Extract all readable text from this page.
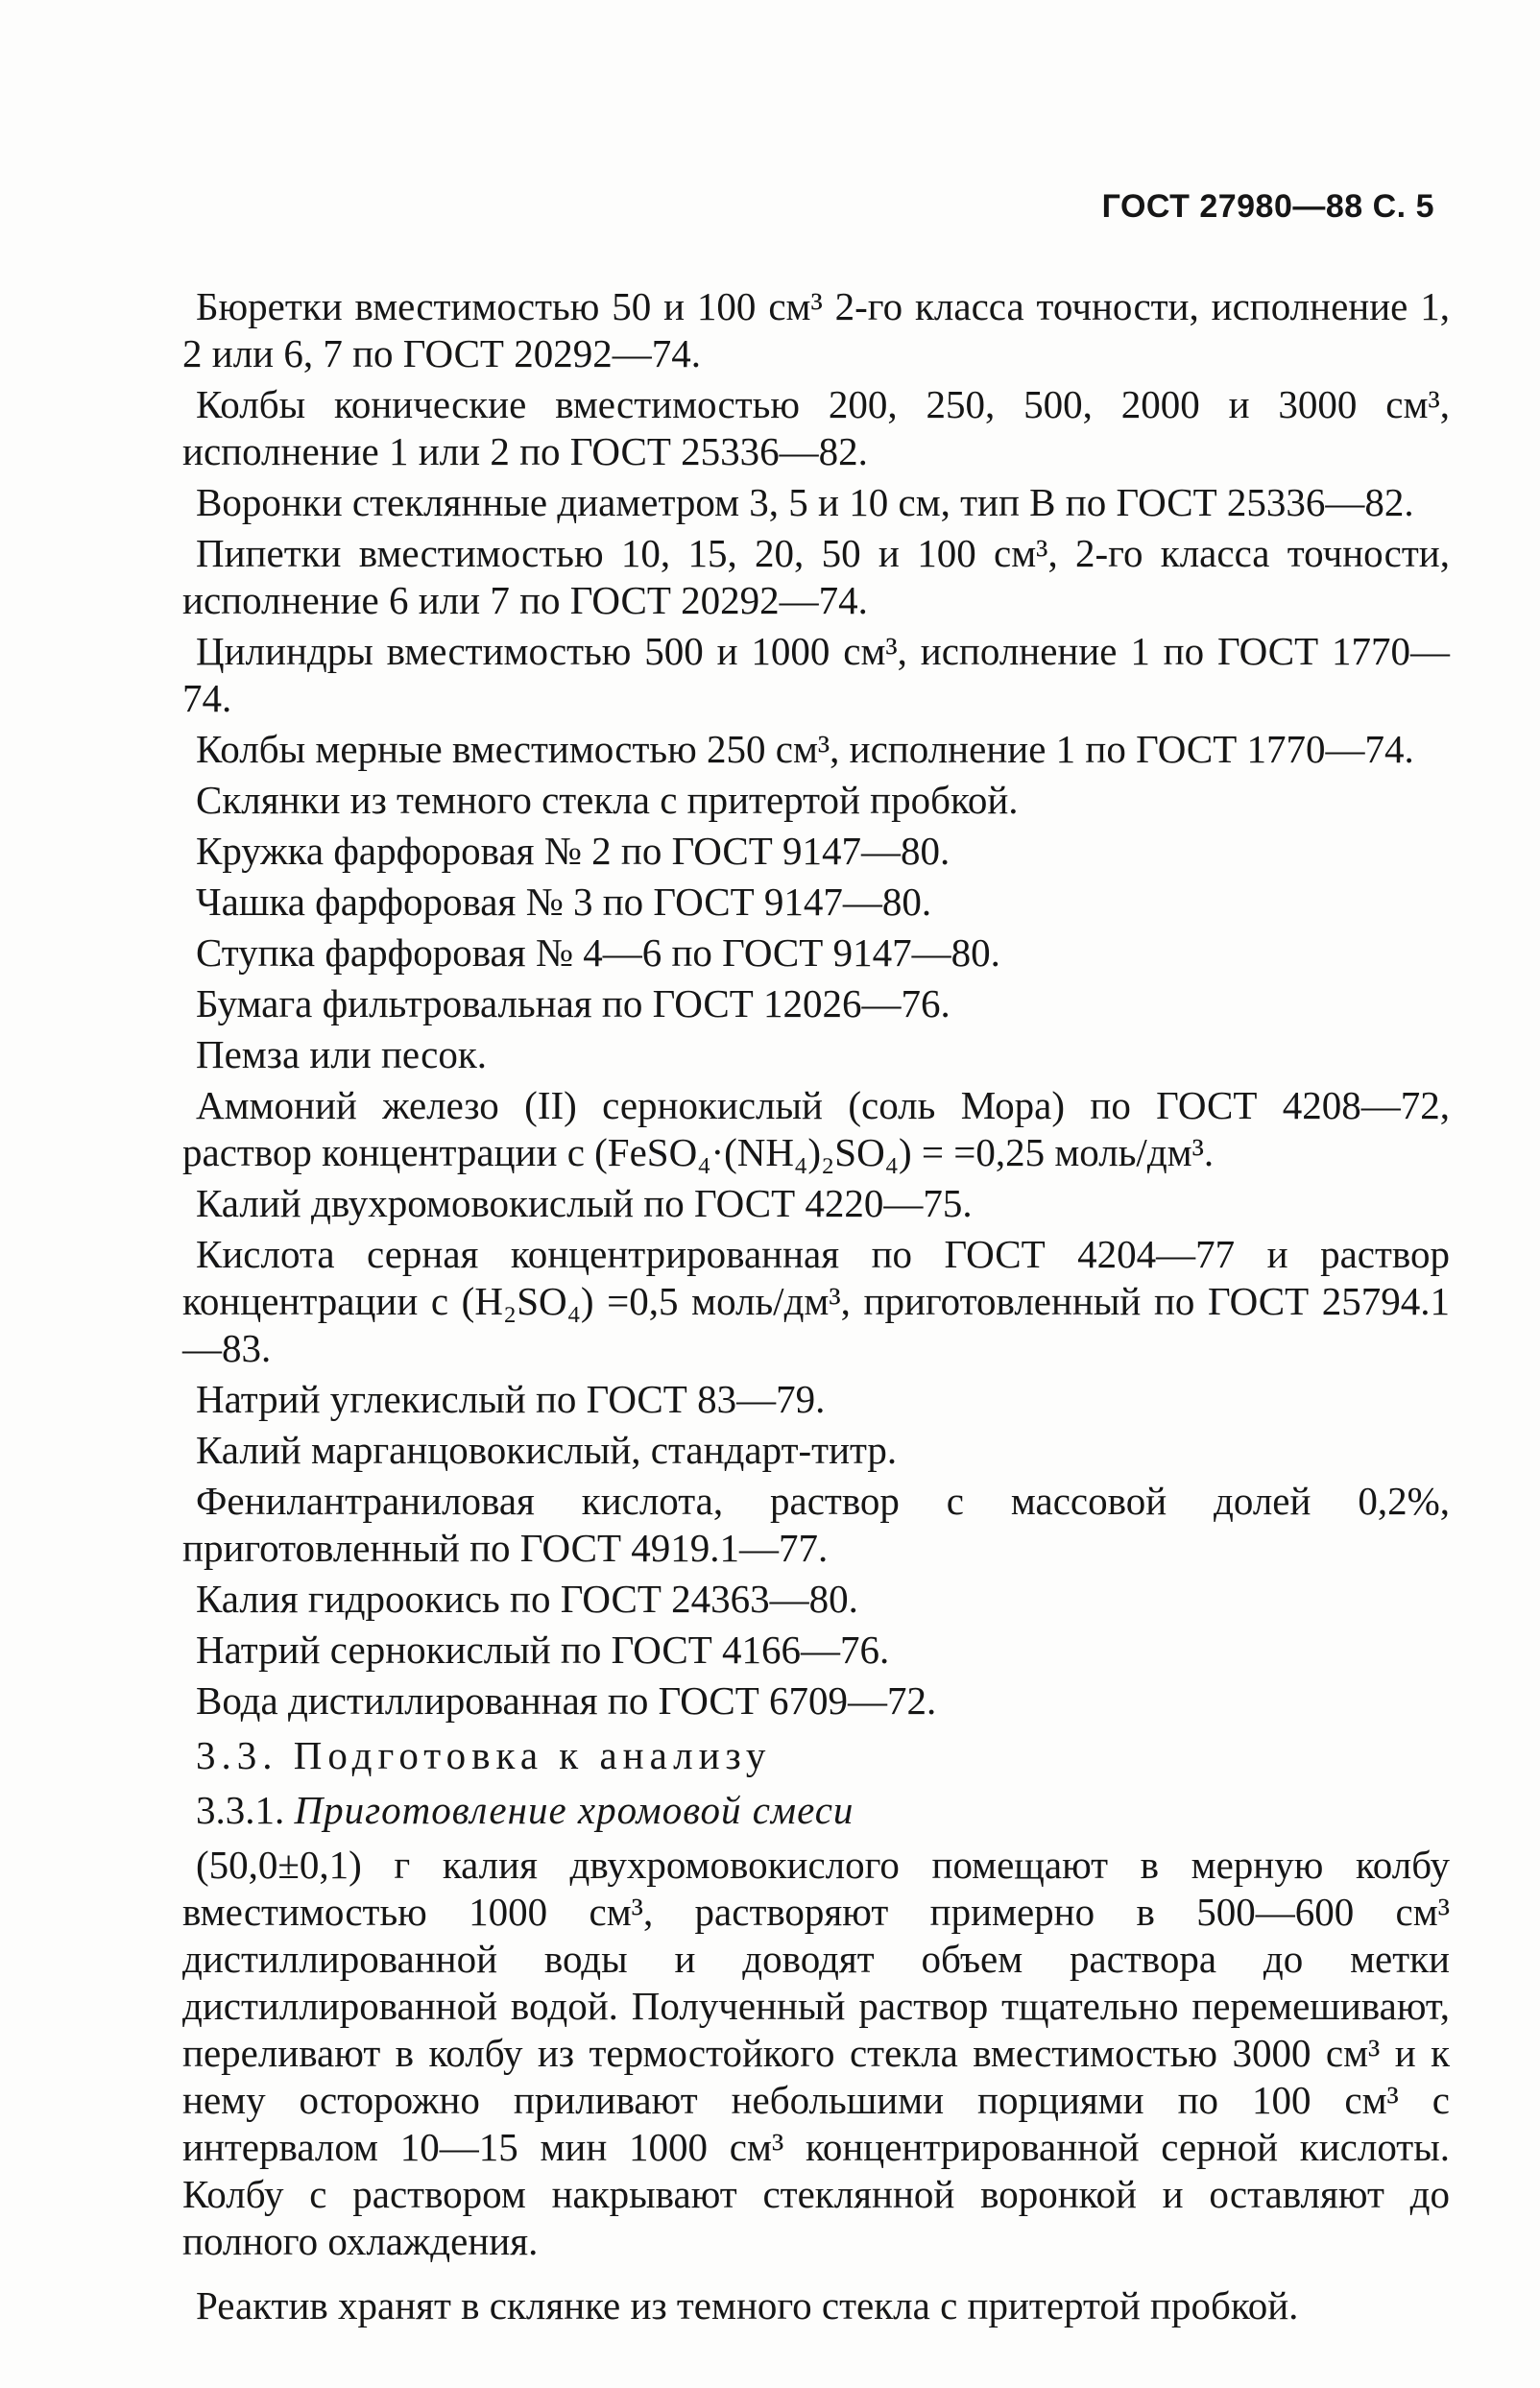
ГОСТ 27980—88 С. 5

Бюретки вместимостью 50 и 100 см³ 2-го класса точности, исполнение 1, 2 или 6, 7 по ГОСТ 20292—74.

Колбы конические вместимостью 200, 250, 500, 2000 и 3000 см³, исполнение 1 или 2 по ГОСТ 25336—82.

Воронки стеклянные диаметром 3, 5 и 10 см, тип В по ГОСТ 25336—82.

Пипетки вместимостью 10, 15, 20, 50 и 100 см³, 2-го класса точности, исполнение 6 или 7 по ГОСТ 20292—74.

Цилиндры вместимостью 500 и 1000 см³, исполнение 1 по ГОСТ 1770—74.

Колбы мерные вместимостью 250 см³, исполнение 1 по ГОСТ 1770—74.

Склянки из темного стекла с притертой пробкой.

Кружка фарфоровая № 2 по ГОСТ 9147—80.

Чашка фарфоровая № 3 по ГОСТ 9147—80.

Ступка фарфоровая № 4—6 по ГОСТ 9147—80.

Бумага фильтровальная по ГОСТ 12026—76.

Пемза или песок.

Аммоний железо (II) сернокислый (соль Мора) по ГОСТ 4208—72, раствор концентрации с (FeSO₄·(NH₄)₂SO₄) = =0,25 моль/дм³.

Калий двухромовокислый по ГОСТ 4220—75.

Кислота серная концентрированная по ГОСТ 4204—77 и раствор концентрации с (H₂SO₄) =0,5 моль/дм³, приготовленный по ГОСТ 25794.1—83.

Натрий углекислый по ГОСТ 83—79.

Калий марганцовокислый, стандарт-титр.

Фенилантраниловая кислота, раствор с массовой долей 0,2%, приготовленный по ГОСТ 4919.1—77.

Калия гидроокись по ГОСТ 24363—80.

Натрий сернокислый по ГОСТ 4166—76.

Вода дистиллированная по ГОСТ 6709—72.

3.3. Подготовка к анализу

3.3.1. Приготовление хромовой смеси

(50,0±0,1) г калия двухромовокислого помещают в мерную колбу вместимостью 1000 см³, растворяют примерно в 500—600 см³ дистиллированной воды и доводят объем раствора до метки дистиллированной водой. Полученный раствор тщательно перемешивают, переливают в колбу из термостойкого стекла вместимостью 3000 см³ и к нему осторожно приливают небольшими порциями по 100 см³ с интервалом 10—15 мин 1000 см³ концентрированной серной кислоты. Колбу с раствором накрывают стеклянной воронкой и оставляют до полного охлаждения.

Реактив хранят в склянке из темного стекла с притертой пробкой.
